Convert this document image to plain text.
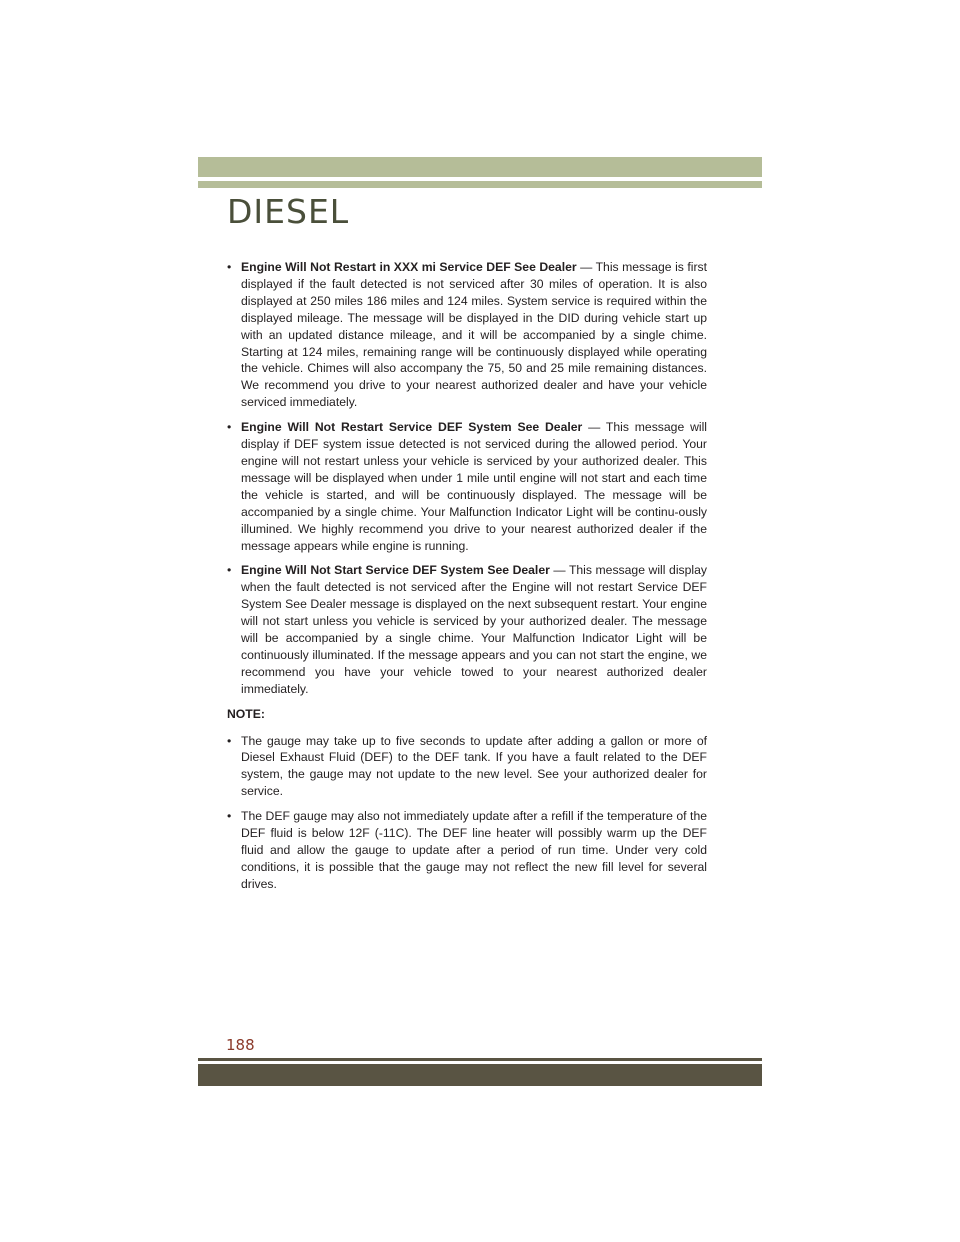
DIESEL
• Engine Will Not Restart in XXX mi Service DEF See Dealer — This message is first displayed if the fault detected is not serviced after 30 miles of operation. It is also displayed at 250 miles 186 miles and 124 miles. System service is required within the displayed mileage. The message will be displayed in the DID during vehicle start up with an updated distance mileage, and it will be accompanied by a single chime. Starting at 124 miles, remaining range will be continuously displayed while operating the vehicle. Chimes will also accompany the 75, 50 and 25 mile remaining distances. We recommend you drive to your nearest authorized dealer and have your vehicle serviced immediately.
• Engine Will Not Restart Service DEF System See Dealer — This message will display if DEF system issue detected is not serviced during the allowed period. Your engine will not restart unless your vehicle is serviced by your authorized dealer. This message will be displayed when under 1 mile until engine will not start and each time the vehicle is started, and will be continuously displayed. The message will be accompanied by a single chime. Your Malfunction Indicator Light will be continu-ously illumined. We highly recommend you drive to your nearest authorized dealer if the message appears while engine is running.
• Engine Will Not Start Service DEF System See Dealer — This message will display when the fault detected is not serviced after the Engine will not restart Service DEF System See Dealer message is displayed on the next subsequent restart. Your engine will not start unless you vehicle is serviced by your authorized dealer. The message will be accompanied by a single chime. Your Malfunction Indicator Light will be continuously illuminated. If the message appears and you can not start the engine, we recommend you have your vehicle towed to your nearest authorized dealer immediately.
NOTE:
• The gauge may take up to five seconds to update after adding a gallon or more of Diesel Exhaust Fluid (DEF) to the DEF tank. If you have a fault related to the DEF system, the gauge may not update to the new level. See your authorized dealer for service.
• The DEF gauge may also not immediately update after a refill if the temperature of the DEF fluid is below 12F (-11C). The DEF line heater will possibly warm up the DEF fluid and allow the gauge to update after a period of run time. Under very cold conditions, it is possible that the gauge may not reflect the new fill level for several drives.
188
